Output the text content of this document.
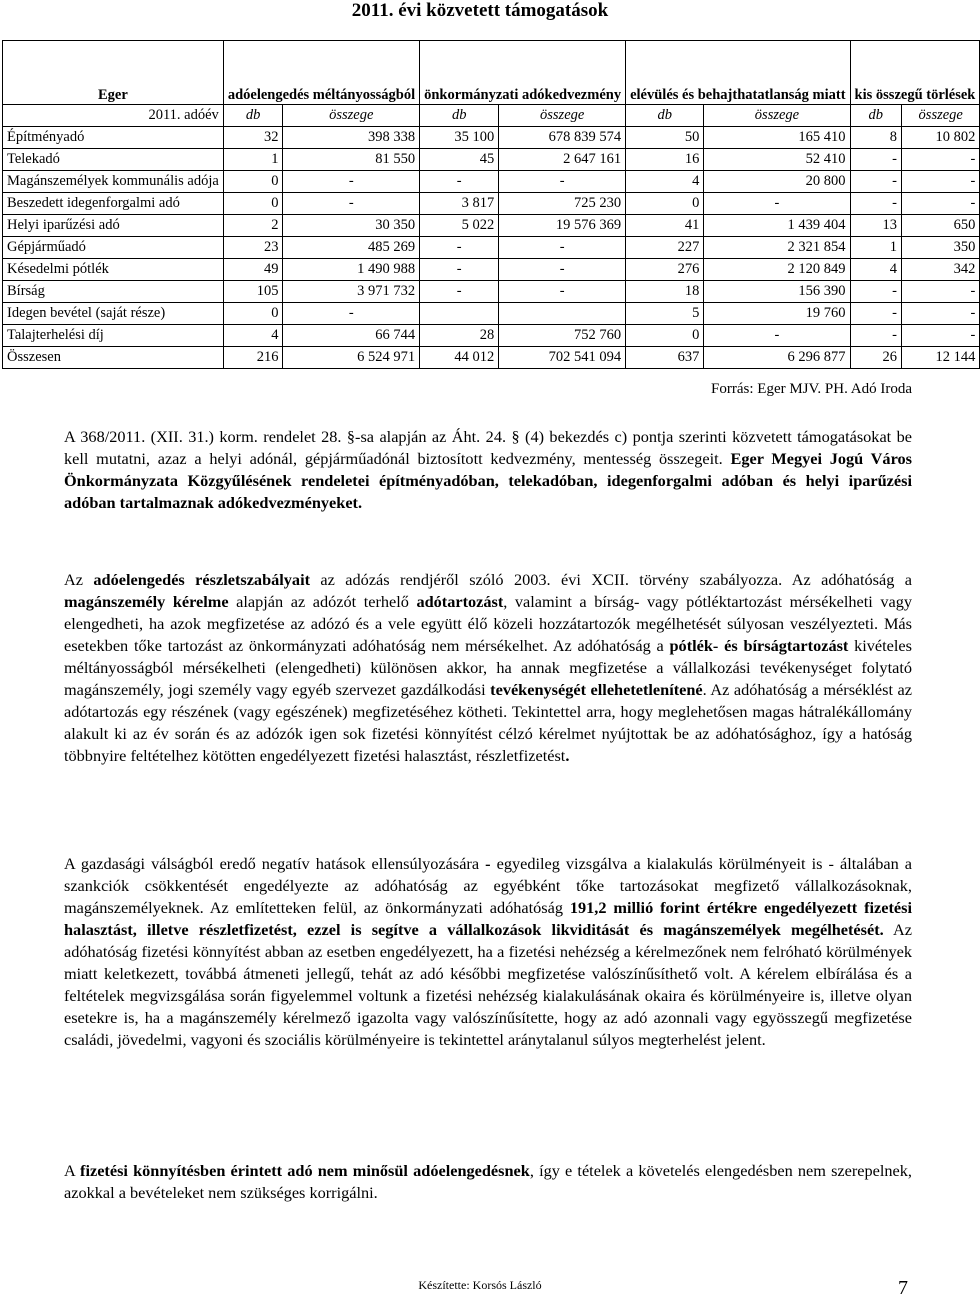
2011. évi közvetett támogatások
Eger	adóelengedés méltányosságból		önkormányzati adókedvezmény		elévülés és behajthatatlanság miatt		kis összegű törlések	
2011. adóév	db	összege	db	összege	db	összege	db	összege
Építményadó	32	398 338	35 100	678 839 574	50	165 410	8	10 802
Telekadó	1	81 550	45	2 647 161	16	52 410	-	-
Magánszemélyek kommunális adója	0	-	-	-	4	20 800	-	-
Beszedett idegenforgalmi adó	0	-	3 817	725 230	0	-	-	-
Helyi iparűzési adó	2	30 350	5 022	19 576 369	41	1 439 404	13	650
Gépjárműadó	23	485 269	-	-	227	2 321 854	1	350
Késedelmi pótlék	49	1 490 988	-	-	276	2 120 849	4	342
Bírság	105	3 971 732	-	-	18	156 390	-	-
Idegen bevétel (saját része)	0	-			5	19 760	-	-
Talajterhelési díj	4	66 744	28	752 760	0	-	-	-
Összesen	216	6 524 971	44 012	702 541 094	637	6 296 877	26	12 144
Forrás: Eger MJV. PH. Adó Iroda
A 368/2011. (XII. 31.) korm. rendelet 28. §-sa alapján az Áht. 24. § (4) bekezdés c) pontja szerinti közvetett támogatásokat be kell mutatni, azaz a helyi adónál, gépjárműadónál biztosított kedvezmény, mentesség összegeit. Eger Megyei Jogú Város Önkormányzata Közgyűlésének rendeletei építményadóban, telekadóban, idegenforgalmi adóban és helyi iparűzési adóban tartalmaznak adókedvezményeket.
Az adóelengedés részletszabályait az adózás rendjéről szóló 2003. évi XCII. törvény szabályozza. Az adóhatóság a magánszemély kérelme alapján az adózót terhelő adótartozást, valamint a bírság- vagy pótléktartozást mérsékelheti vagy elengedheti, ha azok megfizetése az adózó és a vele együtt élő közeli hozzátartozók megélhetését súlyosan veszélyezteti. Más esetekben tőke tartozást az önkormányzati adóhatóság nem mérsékelhet. Az adóhatóság a pótlék- és bírságtartozást kivételes méltányosságból mérsékelheti (elengedheti) különösen akkor, ha annak megfizetése a vállalkozási tevékenységet folytató magánszemély, jogi személy vagy egyéb szervezet gazdálkodási tevékenységét ellehetetlenítené. Az adóhatóság a mérséklést az adótartozás egy részének (vagy egészének) megfizetéséhez kötheti. Tekintettel arra, hogy meglehetősen magas hátralékállomány alakult ki az év során és az adózók igen sok fizetési könnyítést célzó kérelmet nyújtottak be az adóhatósághoz, így a hatóság többnyire feltételhez kötötten engedélyezett fizetési halasztást, részletfizetést.
A gazdasági válságból eredő negatív hatások ellensúlyozására - egyedileg vizsgálva a kialakulás körülményeit is - általában a szankciók csökkentését engedélyezte az adóhatóság az egyébként tőke tartozásokat megfizető vállalkozásoknak, magánszemélyeknek. Az említetteken felül, az önkormányzati adóhatóság 191,2 millió forint értékre engedélyezett fizetési halasztást, illetve részletfizetést, ezzel is segítve a vállalkozások likviditását és magánszemélyek megélhetését. Az adóhatóság fizetési könnyítést abban az esetben engedélyezett, ha a fizetési nehézség a kérelmezőnek nem felróható körülmények miatt keletkezett, továbbá átmeneti jellegű, tehát az adó későbbi megfizetése valószínűsíthető volt. A kérelem elbírálása és a feltételek megvizsgálása során figyelemmel voltunk a fizetési nehézség kialakulásának okaira és körülményeire is, illetve olyan esetekre is, ha a magánszemély kérelmező igazolta vagy valószínűsítette, hogy az adó azonnali vagy egyösszegű megfizetése családi, jövedelmi, vagyoni és szociális körülményeire is tekintettel aránytalanul súlyos megterhelést jelent.
A fizetési könnyítésben érintett adó nem minősül adóelengedésnek, így e tételek a követelés elengedésben nem szerepelnek, azokkal a bevételeket nem szükséges korrigálni.
Készítette: Korsós László	7
